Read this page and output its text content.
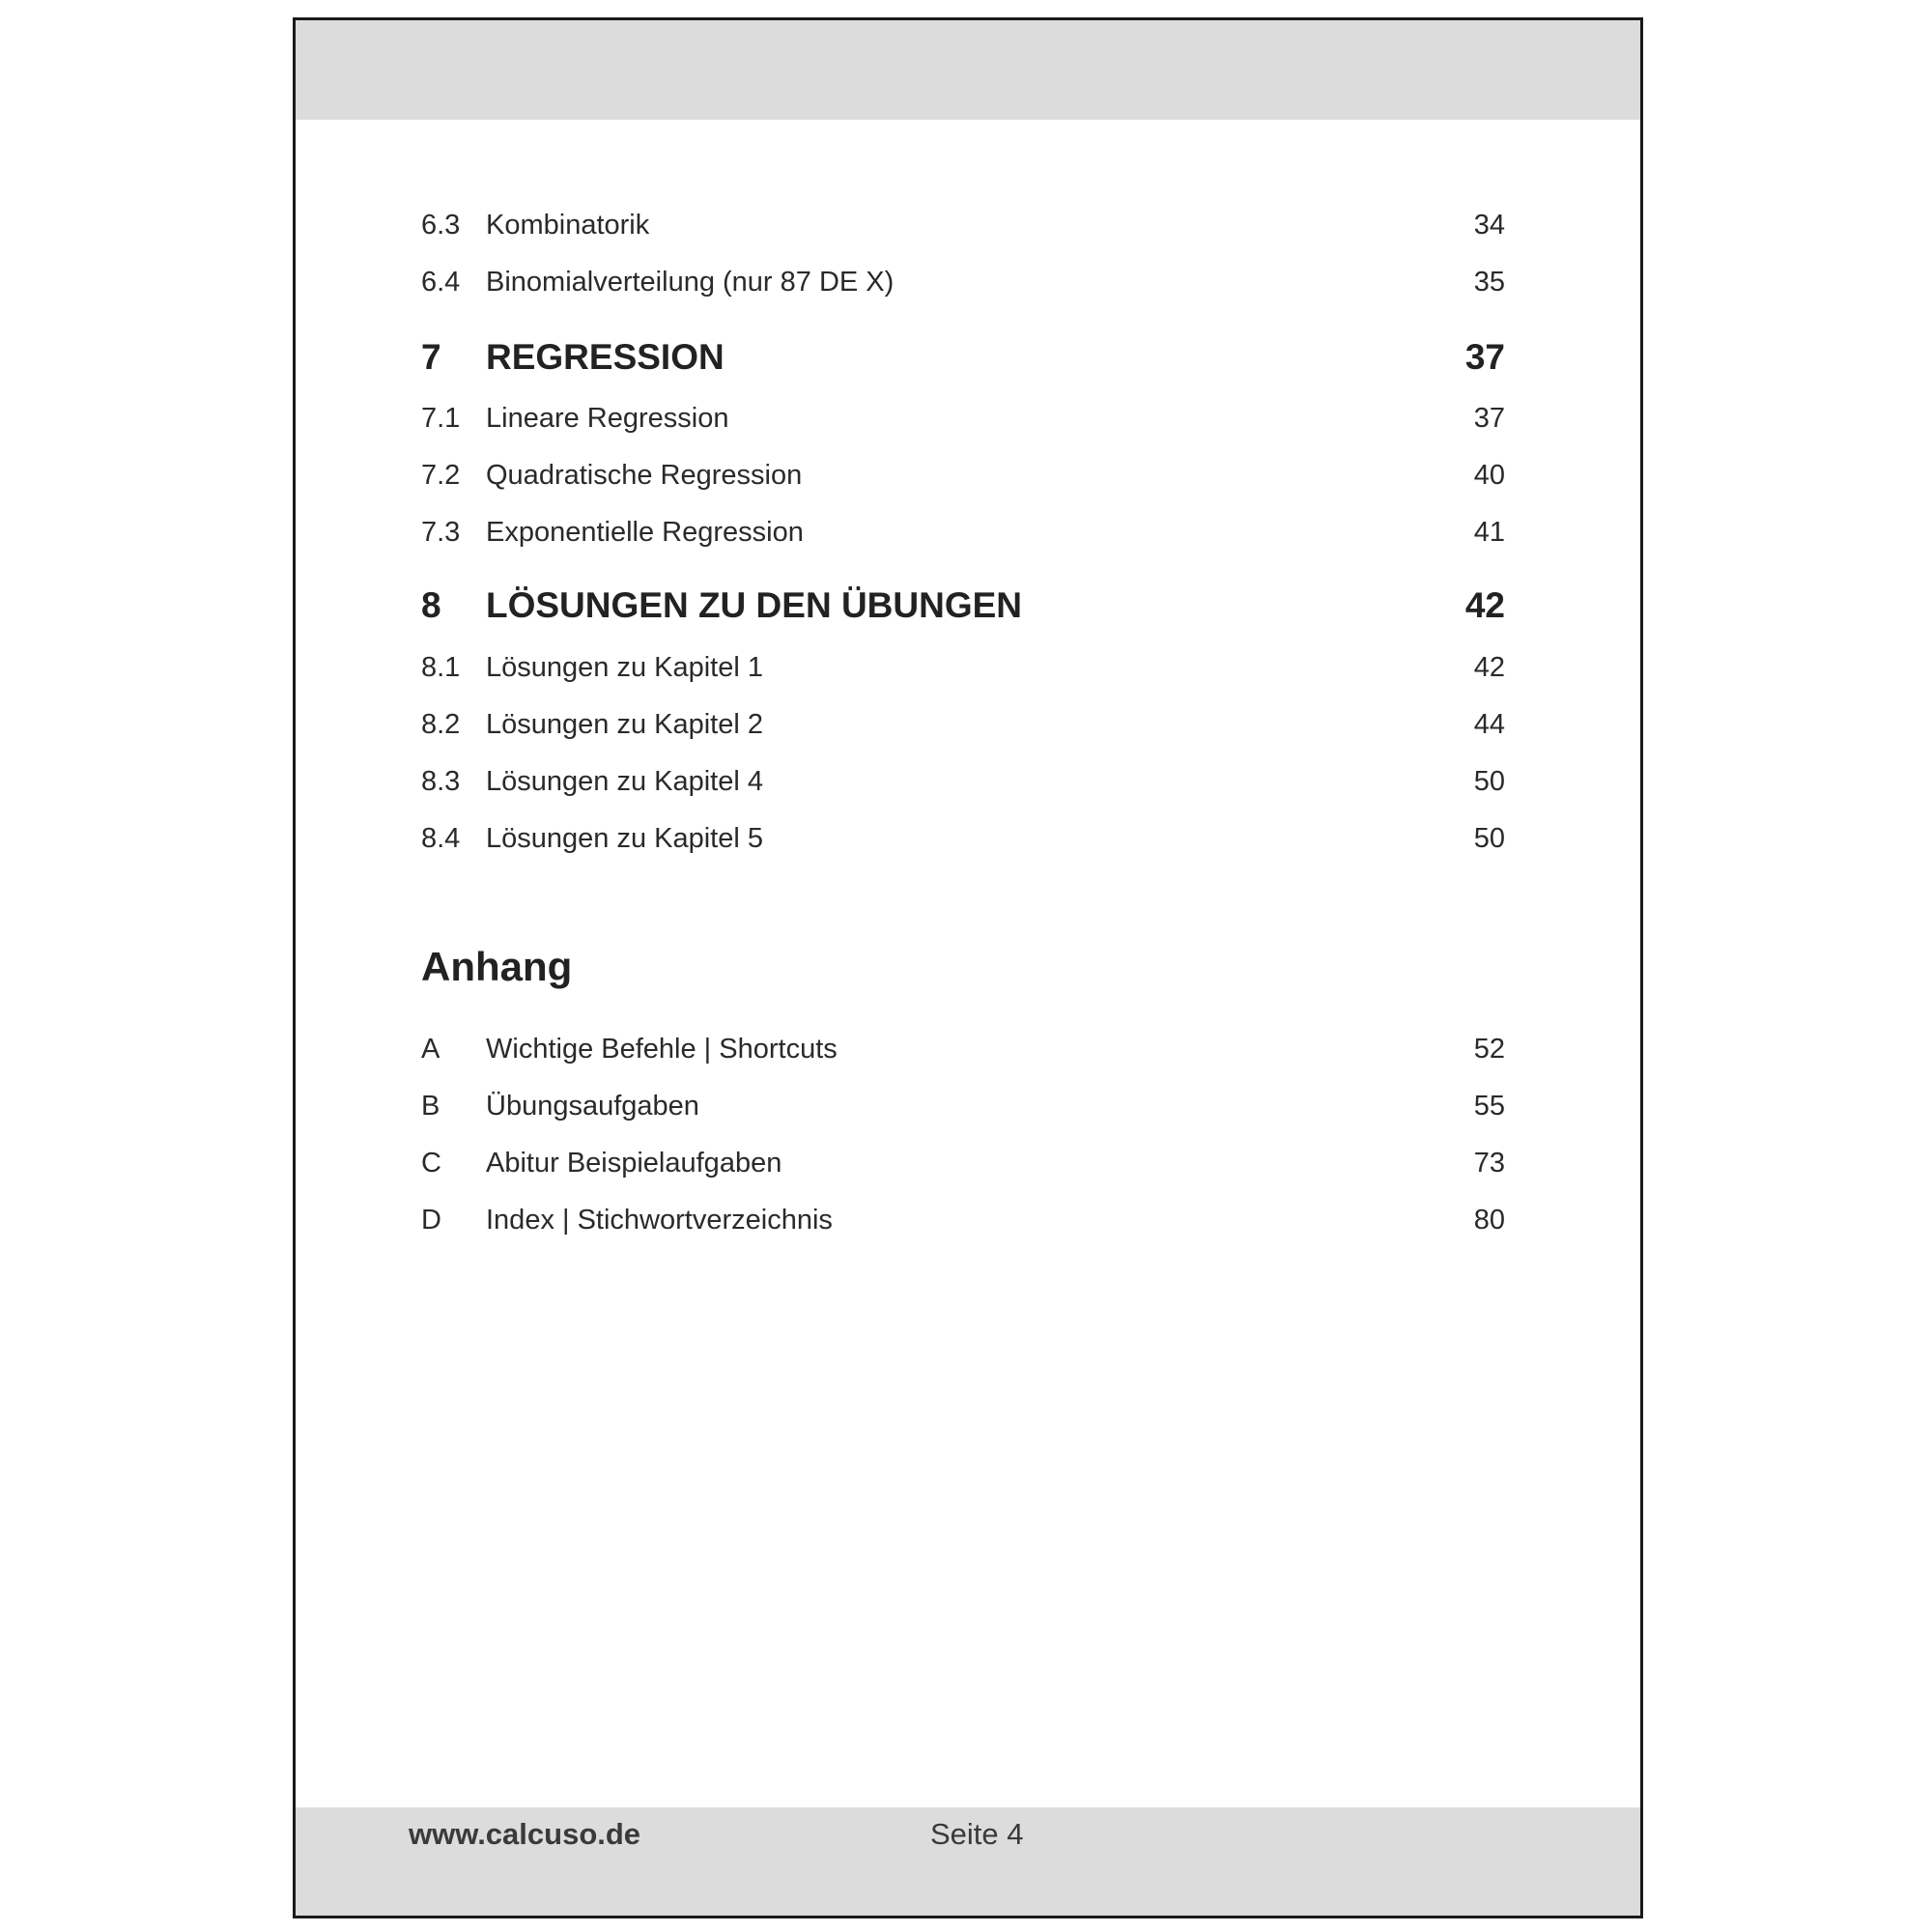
6.3 Kombinatorik	34
6.4 Binomialverteilung (nur 87 DE X)	35
7 REGRESSION	37
7.1 Lineare Regression	37
7.2 Quadratische Regression	40
7.3 Exponentielle Regression	41
8 LÖSUNGEN ZU DEN ÜBUNGEN	42
8.1 Lösungen zu Kapitel 1	42
8.2 Lösungen zu Kapitel 2	44
8.3 Lösungen zu Kapitel 4	50
8.4 Lösungen zu Kapitel 5	50
Anhang
A Wichtige Befehle | Shortcuts	52
B Übungsaufgaben	55
C Abitur Beispielaufgaben	73
D Index | Stichwortverzeichnis	80
www.calcuso.de	Seite 4
